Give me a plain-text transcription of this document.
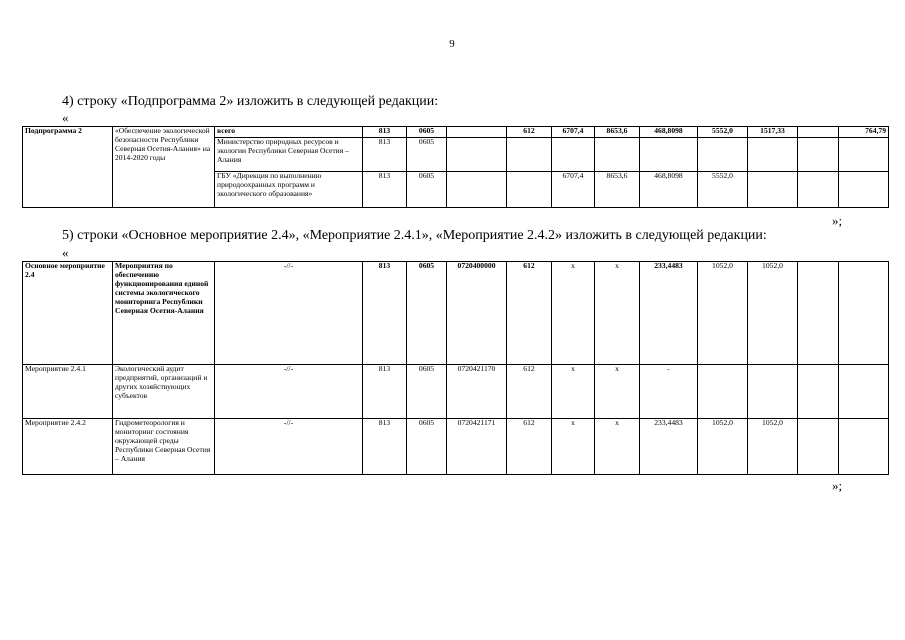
9
4) строку «Подпрограмма 2» изложить в следующей редакции:
«
Подпрограмма 2	«Обеспечение экологической безопасности Республики Северная Осетия-Алания» на 2014-2020 годы	всего	813	0605		612	6707,4	8653,6	468,8098	5552,0	1517,33		764,79
		Министерство природных ресурсов и экологии Республики Северная Осетия – Алания	813	0605									
		ГБУ «Дирекция по выполнению природоохранных программ и экологического образования»	813	0605			6707,4	8653,6	468,8098	5552,0			
»;
5) строки «Основное мероприятие 2.4», «Мероприятие 2.4.1», «Мероприятие 2.4.2» изложить в следующей редакции:
«
Основное мероприятие 2.4	Мероприятия по обеспечению функционирования единой системы экологического мониторинга Республики Северная Осетия-Алания	-//-	813	0605	0720400000	612	х	х	233,4483	1052,0	1052,0		
Мероприятие 2.4.1	Экологический аудит предприятий, организаций и других хозяйствующих субъектов	-//-	813	0605	0720421170	612	х	х	-				
Мероприятие 2.4.2	Гидрометеорология и мониторинг состояния окружающей среды Республики Северная Осетия – Алания	-//-	813	0605	0720421171	612	х	х	233,4483	1052,0	1052,0		
»;
